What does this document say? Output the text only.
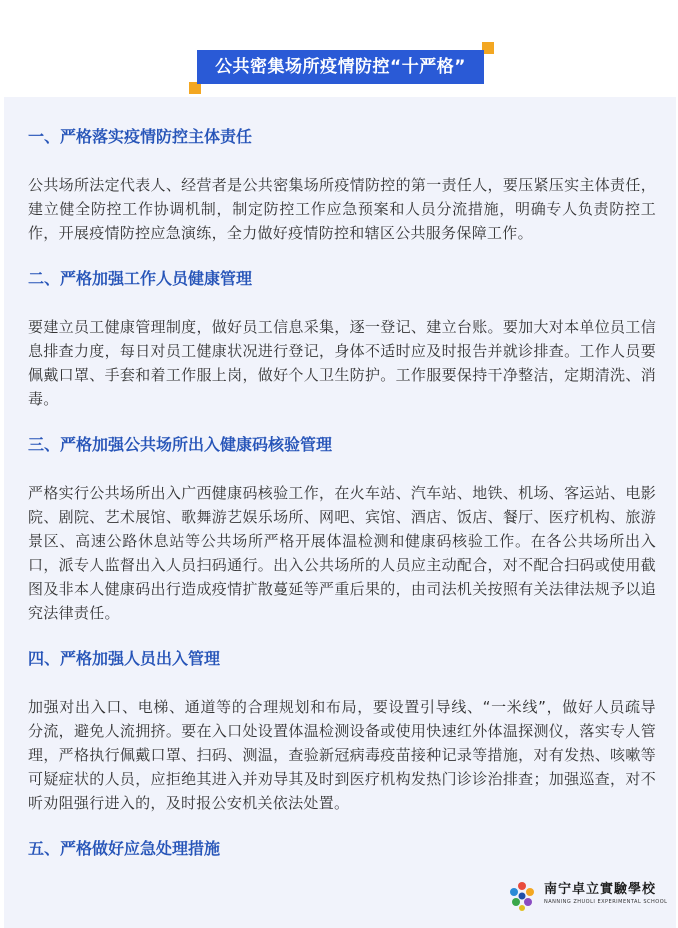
公共密集场所疫情防控“十严格”
一、严格落实疫情防控主体责任

公共场所法定代表人、经营者是公共密集场所疫情防控的第一责任人，要压紧压实主体责任，建立健全防控工作协调机制，制定防控工作应急预案和人员分流措施，明确专人负责防控工作，开展疫情防控应急演练，全力做好疫情防控和辖区公共服务保障工作。

二、严格加强工作人员健康管理

要建立员工健康管理制度，做好员工信息采集，逐一登记、建立台账。要加大对本单位员工信息排查力度，每日对员工健康状况进行登记，身体不适时应及时报告并就诊排查。工作人员要佩戴口罩、手套和着工作服上岗，做好个人卫生防护。工作服要保持干净整洁，定期清洗、消毒。

三、严格加强公共场所出入健康码核验管理

严格实行公共场所出入广西健康码核验工作，在火车站、汽车站、地铁、机场、客运站、电影院、剧院、艺术展馆、歌舞游艺娱乐场所、网吧、宾馆、酒店、饭店、餐厅、医疗机构、旅游景区、高速公路休息站等公共场所严格开展体温检测和健康码核验工作。在各公共场所出入口，派专人监督出入人员扫码通行。出入公共场所的人员应主动配合，对不配合扫码或使用截图及非本人健康码出行造成疫情扩散蔓延等严重后果的，由司法机关按照有关法律法规予以追究法律责任。

四、严格加强人员出入管理

加强对出入口、电梯、通道等的合理规划和布局，要设置引导线、“一米线”，做好人员疏导分流，避免人流拥挤。要在入口处设置体温检测设备或使用快速红外体温探测仪，落实专人管理，严格执行佩戴口罩、扫码、测温，查验新冠病毒疫苗接种记录等措施，对有发热、咳嗽等可疑症状的人员，应拒绝其进入并劝导其及时到医疗机构发热门诊诊治排查；加强巡查，对不听劝阻强行进入的，及时报公安机关依法处置。

五、严格做好应急处理措施
南宁卓立實驗學校
NANNING ZHUOLI EXPERIMENTAL SCHOOL
